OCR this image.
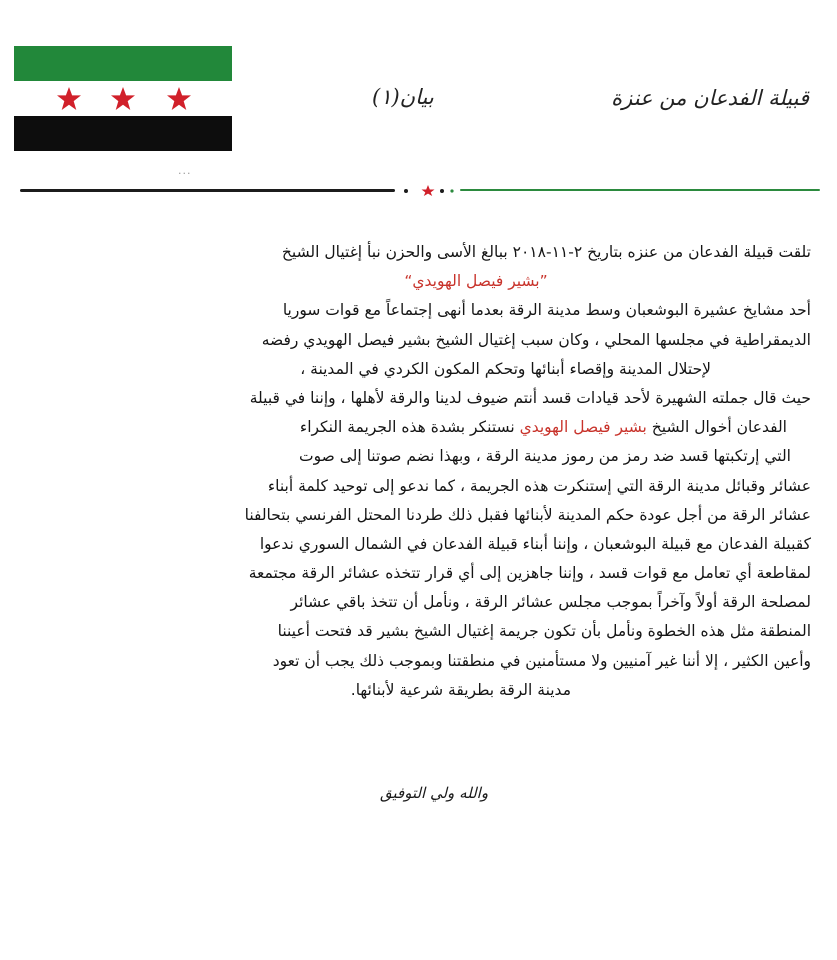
...
قبيلة الفدعان من عنزة
بيان(١)
تلقت قبيلة الفدعان من عنزه بتاريخ ٢-١١-٢٠١٨ ببالغ الأسى والحزن نبأ إغتيال الشيخ
”بشير فيصل الهويدي“
أحد مشايخ عشيرة البوشعبان وسط مدينة الرقة بعدما أنهى إجتماعاً مع قوات سوريا
الديمقراطية في مجلسها المحلي ، وكان سبب إغتيال الشيخ بشير فيصل الهويدي رفضه
لإحتلال المدينة وإقصاء أبنائها وتحكم المكون الكردي في المدينة ،
حيث قال جملته الشهيرة لأحد قيادات قسد أنتم ضيوف لدينا والرقة لأهلها ، وإننا في قبيلة
الفدعان أخوال الشيخ بشير فيصل الهويدي نستنكر بشدة هذه الجريمة النكراء
التي إرتكبتها قسد ضد رمز من رموز مدينة الرقة ، وبهذا نضم صوتنا إلى صوت
عشائر وقبائل مدينة الرقة التي إستنكرت هذه الجريمة ، كما ندعو إلى توحيد كلمة أبناء
عشائر الرقة من أجل عودة حكم المدينة لأبنائها فقبل ذلك طردنا المحتل الفرنسي بتحالفنا
كقبيلة الفدعان مع قبيلة البوشعبان ، وإننا أبناء قبيلة الفدعان في الشمال السوري ندعوا
لمقاطعة أي تعامل مع قوات قسد ، وإننا جاهزين إلى أي قرار تتخذه عشائر الرقة مجتمعة
لمصلحة الرقة أولاً وآخراً بموجب مجلس عشائر الرقة ، ونأمل أن تتخذ باقي عشائر
المنطقة مثل هذه الخطوة ونأمل بأن تكون جريمة إغتيال الشيخ بشير قد فتحت أعيننا
وأعين الكثير ، إلا أننا غير آمنيين ولا مستأمنين في منطقتنا وبموجب ذلك يجب أن تعود
مدينة الرقة بطريقة شرعية لأبنائها.
والله ولي التوفيق
